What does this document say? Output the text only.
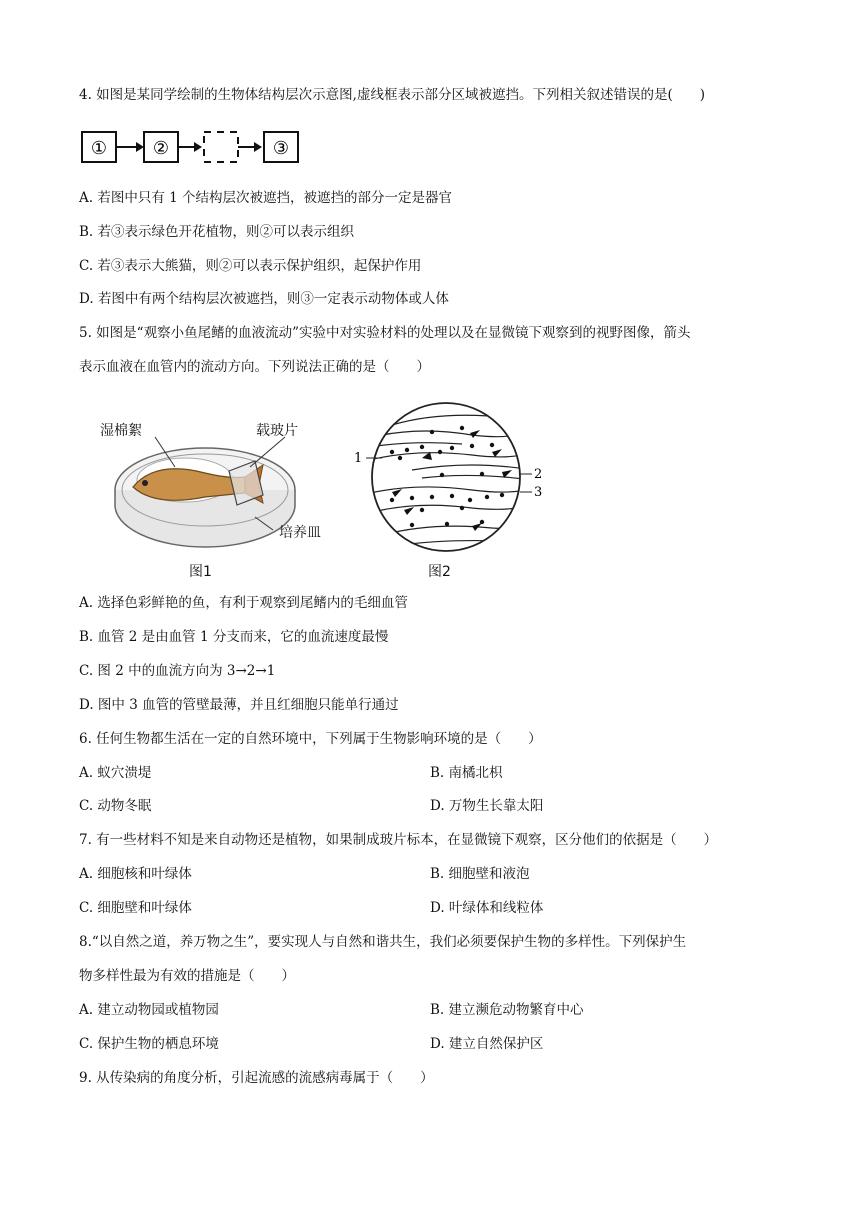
4. 如图是某同学绘制的生物体结构层次示意图,虚线框表示部分区域被遮挡。下列相关叙述错误的是(　　)
①	②	③
A. 若图中只有 1 个结构层次被遮挡，被遮挡的部分一定是器官
B. 若③表示绿色开花植物，则②可以表示组织
C. 若③表示大熊猫，则②可以表示保护组织，起保护作用
D. 若图中有两个结构层次被遮挡，则③一定表示动物体或人体
5. 如图是“观察小鱼尾鳍的血液流动”实验中对实验材料的处理以及在显微镜下观察到的视野图像，箭头
表示血液在血管内的流动方向。下列说法正确的是（　　）
湿棉絮	载玻片
培养皿
图1
1
2
3
图2
A. 选择色彩鲜艳的鱼，有利于观察到尾鳍内的毛细血管
B. 血管 2 是由血管 1 分支而来，它的血流速度最慢
C. 图 2 中的血流方向为 3→2→1
D. 图中 3 血管的管壁最薄，并且红细胞只能单行通过
6. 任何生物都生活在一定的自然环境中，下列属于生物影响环境的是（　　）
A. 蚁穴溃堤	B. 南橘北枳
C. 动物冬眠	D. 万物生长靠太阳
7. 有一些材料不知是来自动物还是植物，如果制成玻片标本，在显微镜下观察，区分他们的依据是（　　）
A. 细胞核和叶绿体	B. 细胞壁和液泡
C. 细胞壁和叶绿体	D. 叶绿体和线粒体
8.“以自然之道，养万物之生”，要实现人与自然和谐共生，我们必须要保护生物的多样性。下列保护生
物多样性最为有效的措施是（　　）
A. 建立动物园或植物园	B. 建立濒危动物繁育中心
C. 保护生物的栖息环境	D. 建立自然保护区
9. 从传染病的角度分析，引起流感的流感病毒属于（　　）
